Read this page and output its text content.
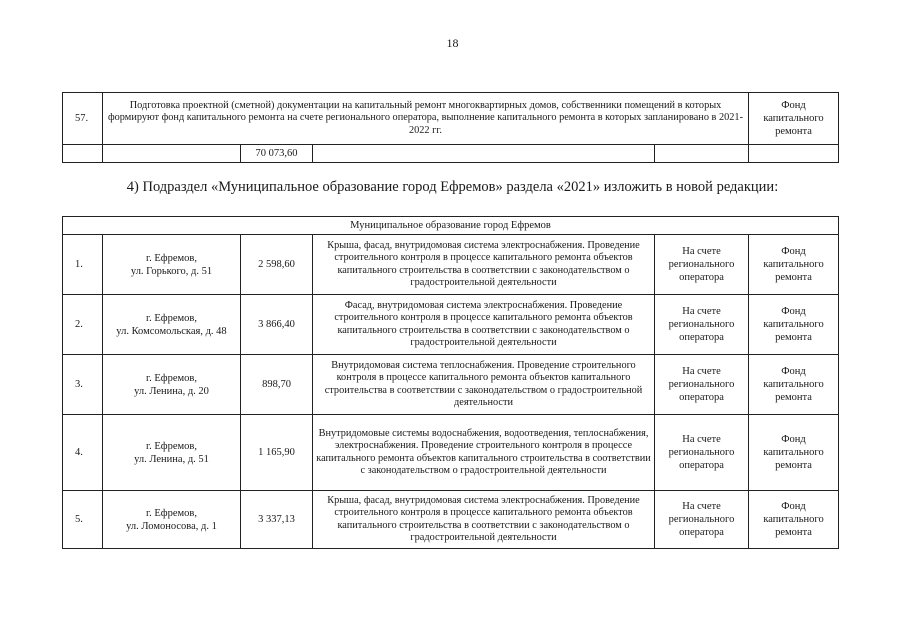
18
57.	Подготовка проектной (сметной) документации на капитальный ремонт многоквартирных домов, собственники помещений в которых формируют фонд капитального ремонта на счете регионального оператора, выполнение капитального ремонта в которых запланировано в 2021-2022 гг.				Фонд капитального ремонта
		70 073,60			
4) Подраздел «Муниципальное образование город Ефремов» раздела «2021» изложить в новой редакции:
Муниципальное образование город Ефремов					
1.	г. Ефремов,
ул. Горького, д. 51	2 598,60	Крыша, фасад, внутридомовая система электроснабжения. Проведение строительного контроля в процессе капитального ремонта объектов капитального строительства в соответствии с законодательством о градостроительной деятельности	На счете регионального оператора	Фонд капитального ремонта
2.	г. Ефремов,
ул. Комсомольская, д. 48	3 866,40	Фасад, внутридомовая система электроснабжения. Проведение строительного контроля в процессе капитального ремонта объектов капитального строительства в соответствии с законодательством о градостроительной деятельности	На счете регионального оператора	Фонд капитального ремонта
3.	г. Ефремов,
ул. Ленина, д. 20	898,70	Внутридомовая система теплоснабжения. Проведение строительного контроля в процессе капитального ремонта объектов капитального строительства в соответствии с законодательством о градостроительной деятельности	На счете регионального оператора	Фонд капитального ремонта
4.	г. Ефремов,
ул. Ленина, д. 51	1 165,90	Внутридомовые системы водоснабжения, водоотведения, теплоснабжения, электроснабжения. Проведение строительного контроля в процессе капитального ремонта объектов капитального строительства в соответствии с законодательством о градостроительной деятельности	На счете регионального оператора	Фонд капитального ремонта
5.	г. Ефремов,
ул. Ломоносова, д. 1	3 337,13	Крыша, фасад, внутридомовая система электроснабжения. Проведение строительного контроля в процессе капитального ремонта объектов капитального строительства в соответствии с законодательством о градостроительной деятельности	На счете регионального оператора	Фонд капитального ремонта
